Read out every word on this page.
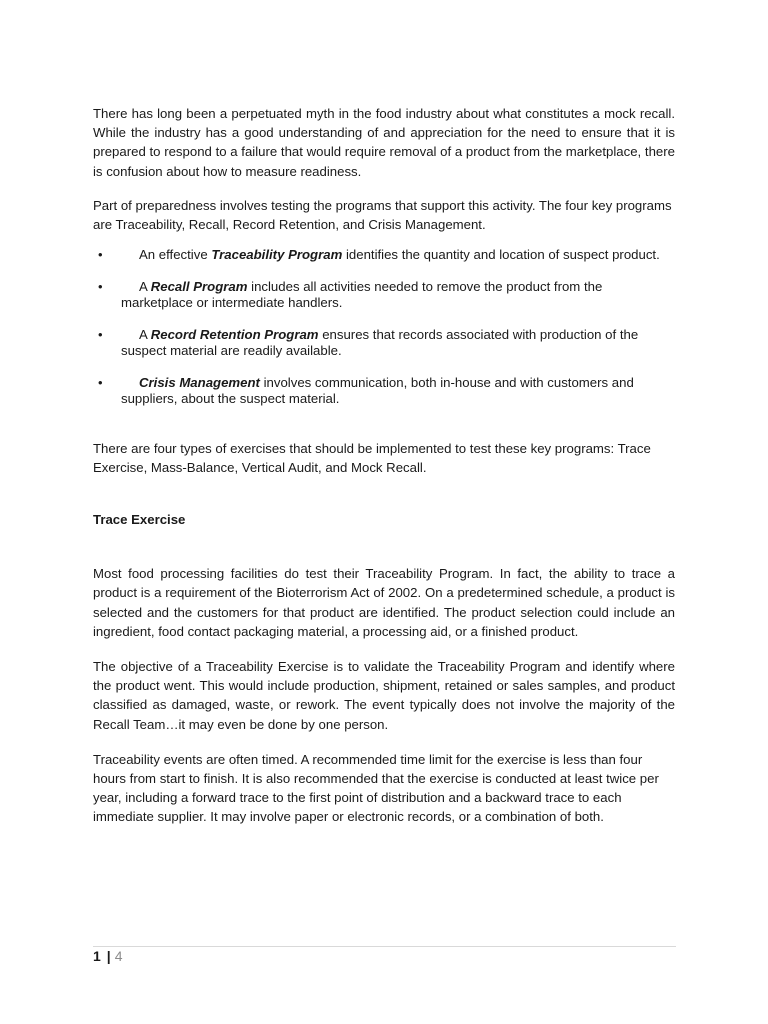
There has long been a perpetuated myth in the food industry about what constitutes a mock recall. While the industry has a good understanding of and appreciation for the need to ensure that it is prepared to respond to a failure that would require removal of a product from the marketplace, there is confusion about how to measure readiness.

Part of preparedness involves testing the programs that support this activity. The four key programs are Traceability, Recall, Record Retention, and Crisis Management.

•	An effective Traceability Program identifies the quantity and location of suspect product.
•	A Recall Program includes all activities needed to remove the product from the marketplace or intermediate handlers.
•	A Record Retention Program ensures that records associated with production of the suspect material are readily available.
•	Crisis Management involves communication, both in-house and with customers and suppliers, about the suspect material.

There are four types of exercises that should be implemented to test these key programs: Trace Exercise, Mass-Balance, Vertical Audit, and Mock Recall.

Trace Exercise

Most food processing facilities do test their Traceability Program. In fact, the ability to trace a product is a requirement of the Bioterrorism Act of 2002. On a predetermined schedule, a product is selected and the customers for that product are identified. The product selection could include an ingredient, food contact packaging material, a processing aid, or a finished product.

The objective of a Traceability Exercise is to validate the Traceability Program and identify where the product went. This would include production, shipment, retained or sales samples, and product classified as damaged, waste, or rework. The event typically does not involve the majority of the Recall Team…it may even be done by one person.

Traceability events are often timed. A recommended time limit for the exercise is less than four hours from start to finish. It is also recommended that the exercise is conducted at least twice per year, including a forward trace to the first point of distribution and a backward trace to each immediate supplier. It may involve paper or electronic records, or a combination of both.

1 | 4
